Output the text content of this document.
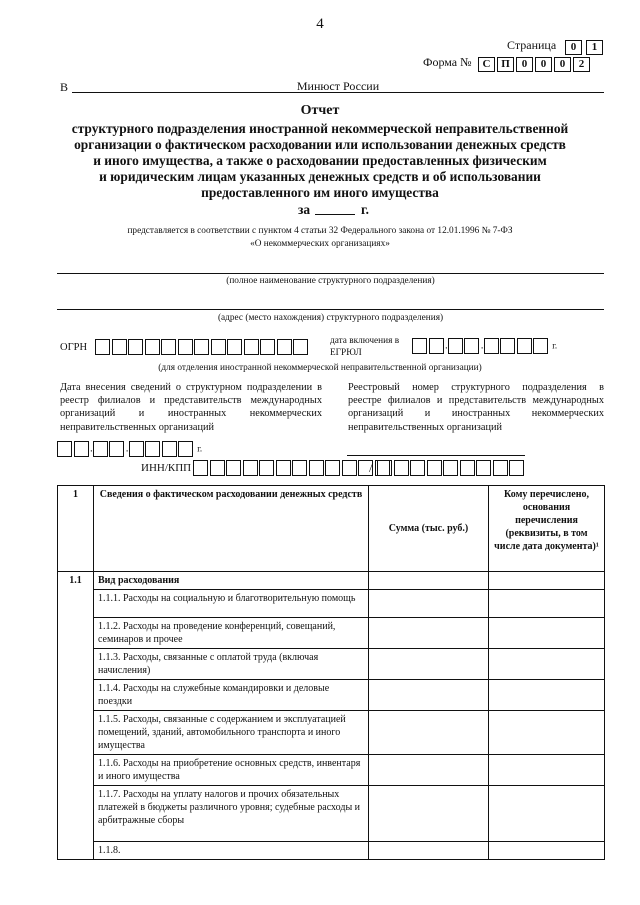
4
Страница	0 1
Форма № С П 0 0 0 2
В	Минюст России
Отчет
структурного подразделения иностранной некоммерческой неправительственной
организации о фактическом расходовании или использовании денежных средств
и иного имущества, а также о расходовании предоставленных физическим
и юридическим лицам указанных денежных средств и об использовании
предоставленного им иного имущества
за	г.
представляется в соответствии с пунктом 4 статьи 32 Федерального закона от 12.01.1996 № 7-ФЗ
«О некоммерческих организациях»
(полное наименование структурного подразделения)
(адрес (место нахождения) структурного подразделения)
ОГРН
дата включения в ЕГРЮЛ
.	.	г.
(для отделения иностранной некоммерческой неправительственной организации)
Дата внесения сведений о структурном подразделении в
реестр филиалов и представительств международных
организаций и иностранных некоммерческих
неправительственных организаций
Реестровый номер структурного подразделения в
реестре филиалов и представительств международных
организаций и иностранных некоммерческих
неправительственных организаций
.	.	г.
ИНН/КПП	/
1	Сведения о фактическом расходовании денежных средств	Сумма (тыс. руб.)	Кому перечислено, основания перечисления (реквизиты, в том числе дата документа)¹
1.1	Вид расходования		
	1.1.1. Расходы на социальную и благотворительную помощь		
	1.1.2. Расходы на проведение конференций, совещаний, семинаров и прочее		
	1.1.3. Расходы, связанные с оплатой труда (включая начисления)		
	1.1.4. Расходы на служебные командировки и деловые поездки		
	1.1.5. Расходы, связанные с содержанием и эксплуатацией помещений, зданий, автомобильного транспорта и иного имущества		
	1.1.6. Расходы на приобретение основных средств, инвентаря и иного имущества		
	1.1.7. Расходы на уплату налогов и прочих обязательных платежей в бюджеты различного уровня; судебные расходы и арбитражные сборы		
	1.1.8.		
